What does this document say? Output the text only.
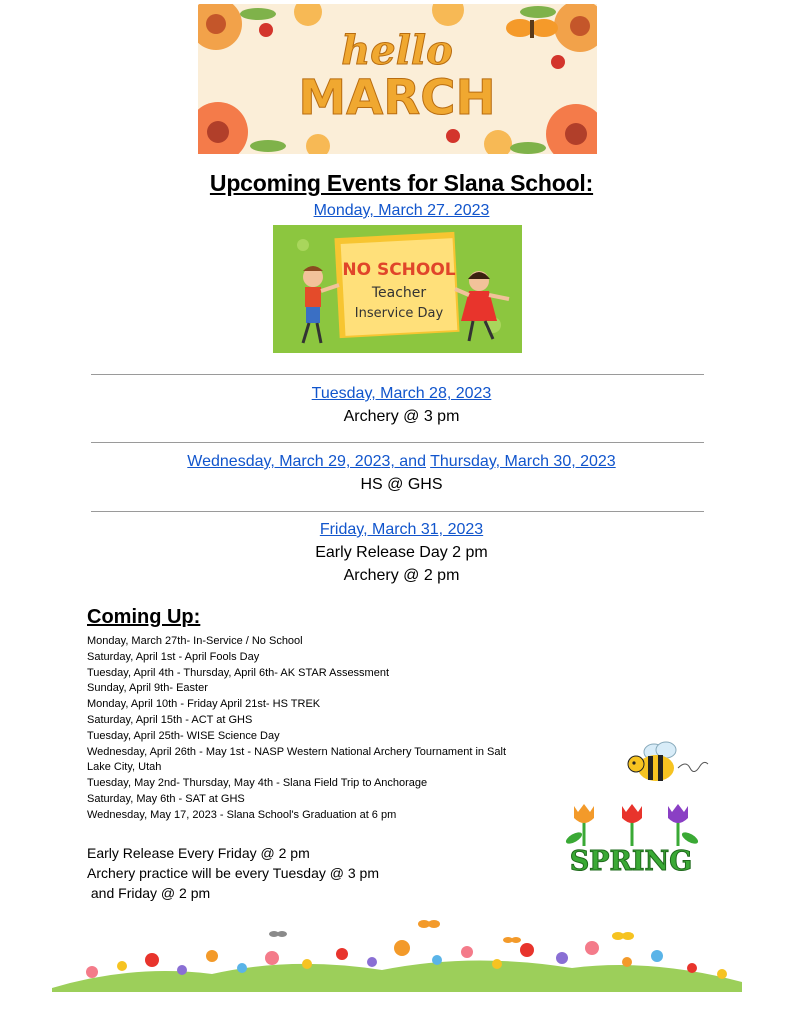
hello
MARCH
Upcoming Events for Slana School:
Monday, March 27. 2023
NO SCHOOL
Teacher
Inservice Day
Tuesday, March 28, 2023
Archery @ 3 pm
Wednesday, March 29, 2023, and Thursday, March 30, 2023
HS @ GHS
Friday, March 31, 2023
Early Release Day 2 pm
Archery @ 2 pm
Coming Up:
Monday, March 27th- In-Service / No School
Saturday, April 1st - April Fools Day
Tuesday, April 4th - Thursday, April 6th- AK STAR Assessment
Sunday, April 9th- Easter
Monday, April 10th - Friday April 21st- HS TREK
Saturday, April 15th - ACT at GHS
Tuesday, April 25th- WISE Science Day
Wednesday, April 26th - May 1st - NASP Western National Archery Tournament in Salt Lake City, Utah
Tuesday, May 2nd- Thursday, May 4th - Slana Field Trip to Anchorage
Saturday, May 6th - SAT at GHS
Wednesday, May 17, 2023 - Slana School's Graduation at 6 pm
Early Release Every Friday @ 2 pm
Archery practice will be every Tuesday @ 3 pm
and Friday @ 2 pm
SPRING
